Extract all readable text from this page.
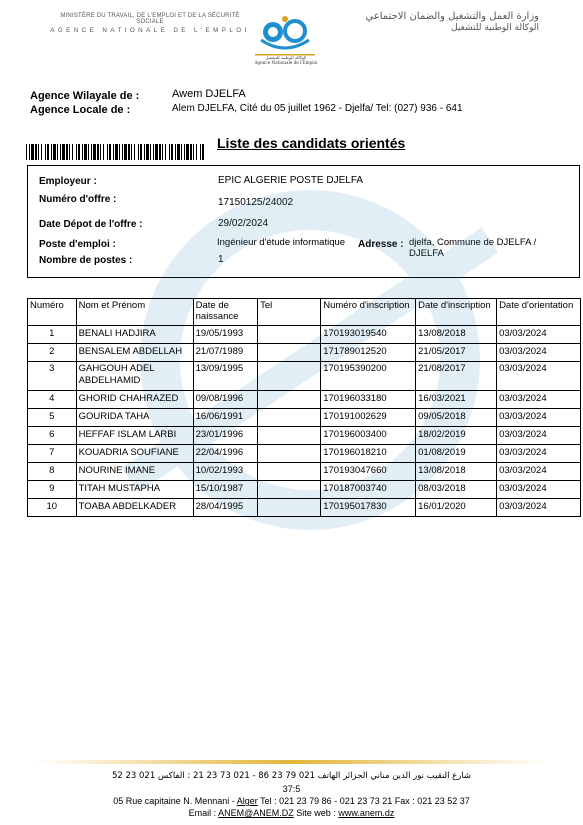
MINISTÈRE DU TRAVAIL, DE L'EMPLOI ET DE LA SÉCURITÉ SOCIALE
AGENCE NATIONALE DE L'EMPLOI
الوكالة الوطنية للتشغيل
Agence Nationale de l'Emploi
وزارة العمل والتشغيل والضمان الاجتماعي
الوكالة الوطنية للتشغيل
Agence Wilayale de :	Awem DJELFA
Agence Locale de :	Alem DJELFA, Cité du 05 juillet 1962 - Djelfa/ Tel: (027) 936 - 641
Liste des candidats orientés
Employeur :	EPIC ALGERIE POSTE DJELFA
Numéro d'offre :	17150125/24002
Date Dépot de l'offre :	29/02/2024
Poste d'emploi :	Ingénieur d'étude informatique Adresse : djelfa, Commune de DJELFA /
DJELFA
Nombre de postes :	1
Numéro	Nom et Prénom	Date de naissance	Tel	Numéro d'inscription	Date d'inscription	Date d'orientation
1	BENALI HADJIRA	19/05/1993		170193019540	13/08/2018	03/03/2024
2	BENSALEM ABDELLAH	21/07/1989		171789012520	21/05/2017	03/03/2024
3	GAHGOUH ADEL ABDELHAMID	13/09/1995		170195390200	21/08/2017	03/03/2024
4	GHORID CHAHRAZED	09/08/1996		170196033180	16/03/2021	03/03/2024
5	GOURIDA TAHA	16/06/1991		170191002629	09/05/2018	03/03/2024
6	HEFFAF ISLAM LARBI	23/01/1996		170196003400	18/02/2019	03/03/2024
7	KOUADRIA SOUFIANE	22/04/1996		170196018210	01/08/2019	03/03/2024
8	NOURINE IMANE	10/02/1993		170193047660	13/08/2018	03/03/2024
9	TITAH MUSTAPHA	15/10/1987		170187003740	08/03/2018	03/03/2024
10	TOABA ABDELKADER	28/04/1995		170195017830	16/01/2020	03/03/2024
شارع النقيب نور الدين مناني الجزائر الهاتف 021 79 23 86 - 021 73 23 21 : الفاكس 021 23 52
37:5
05 Rue capitaine N. Mennani - Alger Tel : 021 23 79 86 - 021 23 73 21 Fax : 021 23 52 37
Email : ANEM@ANEM.DZ Site web : www.anem.dz
